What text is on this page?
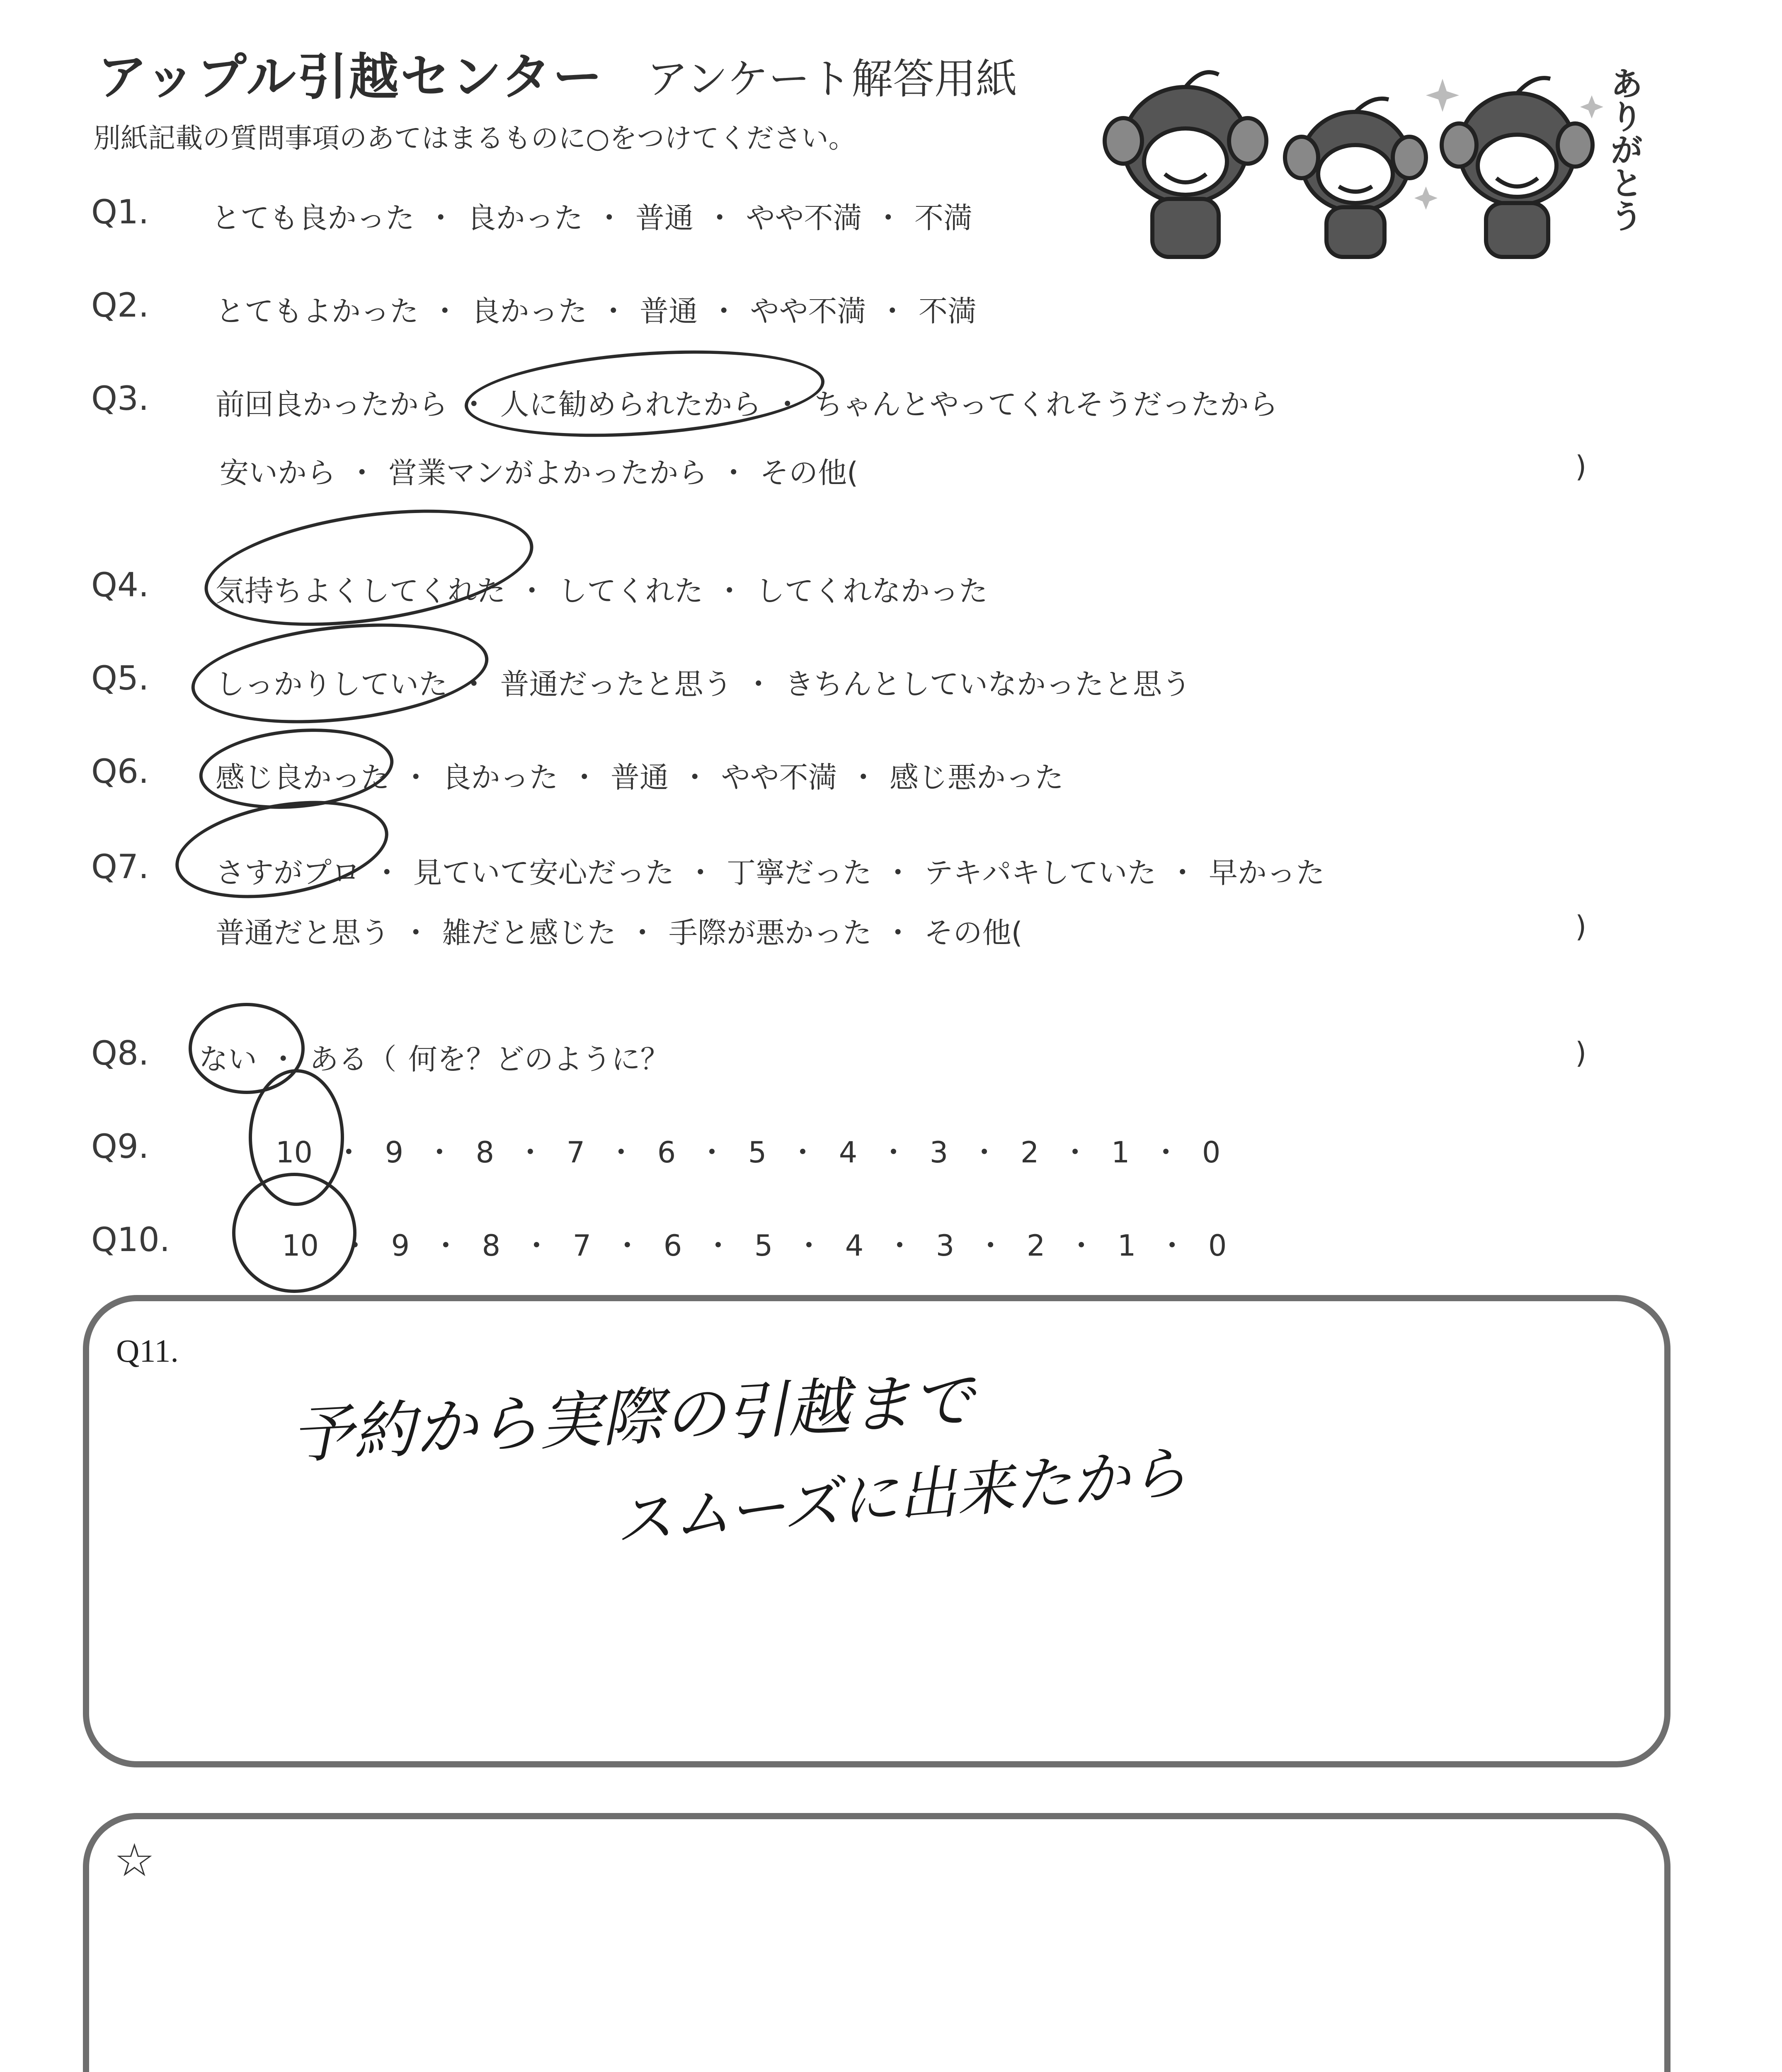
アップル引越センター アンケート解答用紙
別紙記載の質問事項のあてはまるものに○をつけてください。	ありがとう
Q1. とても良かった ・ 良かった ・ 普通 ・ やや不満 ・ 不満
Q2. とてもよかった ・ 良かった ・ 普通 ・ やや不満 ・ 不満
Q3. 前回良かったから ・ 人に勧められたから ・ ちゃんとやってくれそうだったから
安いから ・ 営業マンがよかったから ・ その他(	)
Q4. 気持ちよくしてくれた ・ してくれた ・ してくれなかった
Q5. しっかりしていた ・ 普通だったと思う ・ きちんとしていなかったと思う
Q6. 感じ良かった ・ 良かった ・ 普通 ・ やや不満 ・ 感じ悪かった
Q7. さすがプロ ・ 見ていて安心だった ・ 丁寧だった ・ テキパキしていた ・ 早かった
普通だと思う ・ 雑だと感じた ・ 手際が悪かった ・ その他(	)
Q8. ない ・ ある（ 何を？どのように？	)
Q9.	10 ・ 9 ・ 8 ・ 7 ・ 6 ・ 5 ・ 4 ・ 3 ・ 2 ・ 1 ・ 0
Q10.	10 ・ 9 ・ 8 ・ 7 ・ 6 ・ 5 ・ 4 ・ 3 ・ 2 ・ 1 ・ 0
Q11.
予約から実際の引越まで
スムーズに出来たから
☆
